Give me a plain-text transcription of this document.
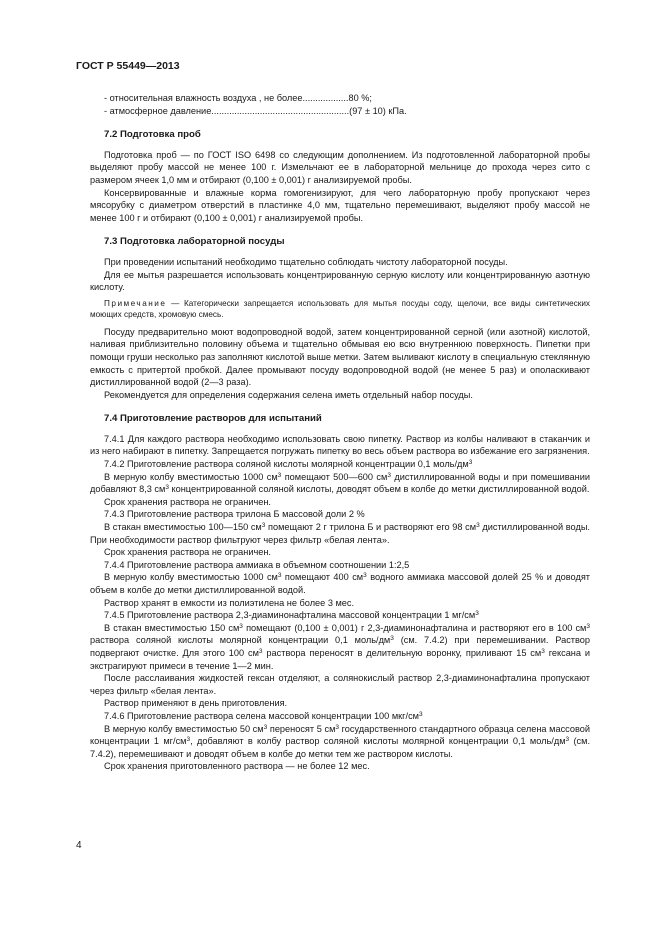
ГОСТ Р 55449—2013

- относительная влажность воздуха , не более..................80 %;

- атмосферное давление......................................................(97 ± 10) кПа.

7.2 Подготовка проб

Подготовка проб — по ГОСТ ISO 6498 со следующим дополнением. Из подготовленной лабораторной пробы выделяют пробу массой не менее 100 г. Измельчают ее в лабораторной мельнице до прохода через сито с размером ячеек 1,0 мм и отбирают (0,100 ± 0,001) г анализируемой пробы.

Консервированные и влажные корма гомогенизируют, для чего лабораторную пробу пропускают через мясорубку с диаметром отверстий в пластинке 4,0 мм, тщательно перемешивают, выделяют пробу массой не менее 100 г и отбирают (0,100 ± 0,001) г анализируемой пробы.

7.3 Подготовка лабораторной посуды

При проведении испытаний необходимо тщательно соблюдать чистоту лабораторной посуды.

Для ее мытья разрешается использовать концентрированную серную кислоту или концентрированную азотную кислоту.

Примечание — Категорически запрещается использовать для мытья посуды соду, щелочи, все виды синтетических моющих средств, хромовую смесь.

Посуду предварительно моют водопроводной водой, затем концентрированной серной (или азотной) кислотой, наливая приблизительно половину объема и тщательно обмывая ею всю внутреннюю поверхность. Пипетки при помощи груши несколько раз заполняют кислотой выше метки. Затем выливают кислоту в специальную стеклянную емкость с притертой пробкой. Далее промывают посуду водопроводной водой (не менее 5 раз) и ополаскивают дистиллированной водой (2—3 раза).

Рекомендуется для определения содержания селена иметь отдельный набор посуды.

7.4 Приготовление растворов для испытаний

7.4.1 Для каждого раствора необходимо использовать свою пипетку. Раствор из колбы наливают в стаканчик и из него набирают в пипетку. Запрещается погружать пипетку во весь объем раствора во избежание его загрязнения.

7.4.2 Приготовление раствора соляной кислоты молярной концентрации 0,1 моль/$дм^3$

В мерную колбу вместимостью 1000 $см^3$ помещают 500—600 $см^3$ дистиллированной воды и при помешивании добавляют 8,3 $см^3$ концентрированной соляной кислоты, доводят объем в колбе до метки дистиллированной водой.

Срок хранения раствора не ограничен.

7.4.3 Приготовление раствора трилона Б массовой доли 2 %

В стакан вместимостью 100—150 $см^3$ помещают 2 г трилона Б и растворяют его 98 $см^3$ дистиллированной воды. При необходимости раствор фильтруют через фильтр «белая лента».

Срок хранения раствора не ограничен.

7.4.4 Приготовление раствора аммиака в объемном соотношении 1:2,5

В мерную колбу вместимостью 1000 $см^3$ помещают 400 $см^3$ водного аммиака массовой долей 25 % и доводят объем в колбе до метки дистиллированной водой.

Раствор хранят в емкости из полиэтилена не более 3 мес.

7.4.5 Приготовление раствора 2,3-диаминонафталина массовой концентрации 1 $мг/см^3$

В стакан вместимостью 150 $см^3$ помещают (0,100 ± 0,001) г 2,3-диаминонафталина и растворяют его в 100 $см^3$ раствора соляной кислоты молярной концентрации 0,1 моль/$дм^3$ (см. 7.4.2) при перемешивании. Раствор подвергают очистке. Для этого 100 $см^3$ раствора переносят в делительную воронку, приливают 15 $см^3$ гексана и экстрагируют примеси в течение 1—2 мин.

После расслаивания жидкостей гексан отделяют, а солянокислый раствор 2,3-диаминонафталина пропускают через фильтр «белая лента».

Раствор применяют в день приготовления.

7.4.6 Приготовление раствора селена массовой концентрации 100 мкг/$см^3$

В мерную колбу вместимостью 50 $см^3$ переносят 5 $см^3$ государственного стандартного образца селена массовой концентрации 1 $мг/см^3$, добавляют в колбу раствор соляной кислоты молярной концентрации 0,1 моль/$дм^3$ (см. 7.4.2), перемешивают и доводят объем в колбе до метки тем же раствором кислоты.

Срок хранения приготовленного раствора — не более 12 мес.

4
